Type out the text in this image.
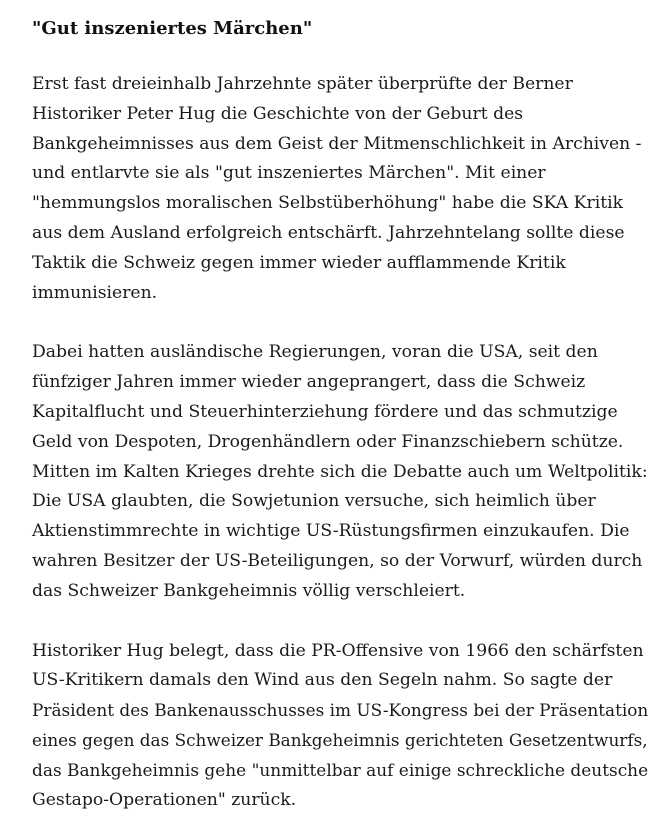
"Gut inszeniertes Märchen"

Erst fast dreieinhalb Jahrzehnte später überprüfte der Berner
Historiker Peter Hug die Geschichte von der Geburt des
Bankgeheimnisses aus dem Geist der Mitmenschlichkeit in Archiven -
und entlarvte sie als "gut inszeniertes Märchen". Mit einer
"hemmungslos moralischen Selbstüberhöhung" habe die SKA Kritik
aus dem Ausland erfolgreich entschärft. Jahrzehntelang sollte diese
Taktik die Schweiz gegen immer wieder aufflammende Kritik
immunisieren.

Dabei hatten ausländische Regierungen, voran die USA, seit den
fünfziger Jahren immer wieder angeprangert, dass die Schweiz
Kapitalflucht und Steuerhinterziehung fördere und das schmutzige
Geld von Despoten, Drogenhändlern oder Finanzschiebern schütze.
Mitten im Kalten Krieges drehte sich die Debatte auch um Weltpolitik:
Die USA glaubten, die Sowjetunion versuche, sich heimlich über
Aktienstimmrechte in wichtige US-Rüstungsfirmen einzukaufen. Die
wahren Besitzer der US-Beteiligungen, so der Vorwurf, würden durch
das Schweizer Bankgeheimnis völlig verschleiert.

Historiker Hug belegt, dass die PR-Offensive von 1966 den schärfsten
US-Kritikern damals den Wind aus den Segeln nahm. So sagte der
Präsident des Bankenausschusses im US-Kongress bei der Präsentation
eines gegen das Schweizer Bankgeheimnis gerichteten Gesetzentwurfs,
das Bankgeheimnis gehe "unmittelbar auf einige schreckliche deutsche
Gestapo-Operationen" zurück.
